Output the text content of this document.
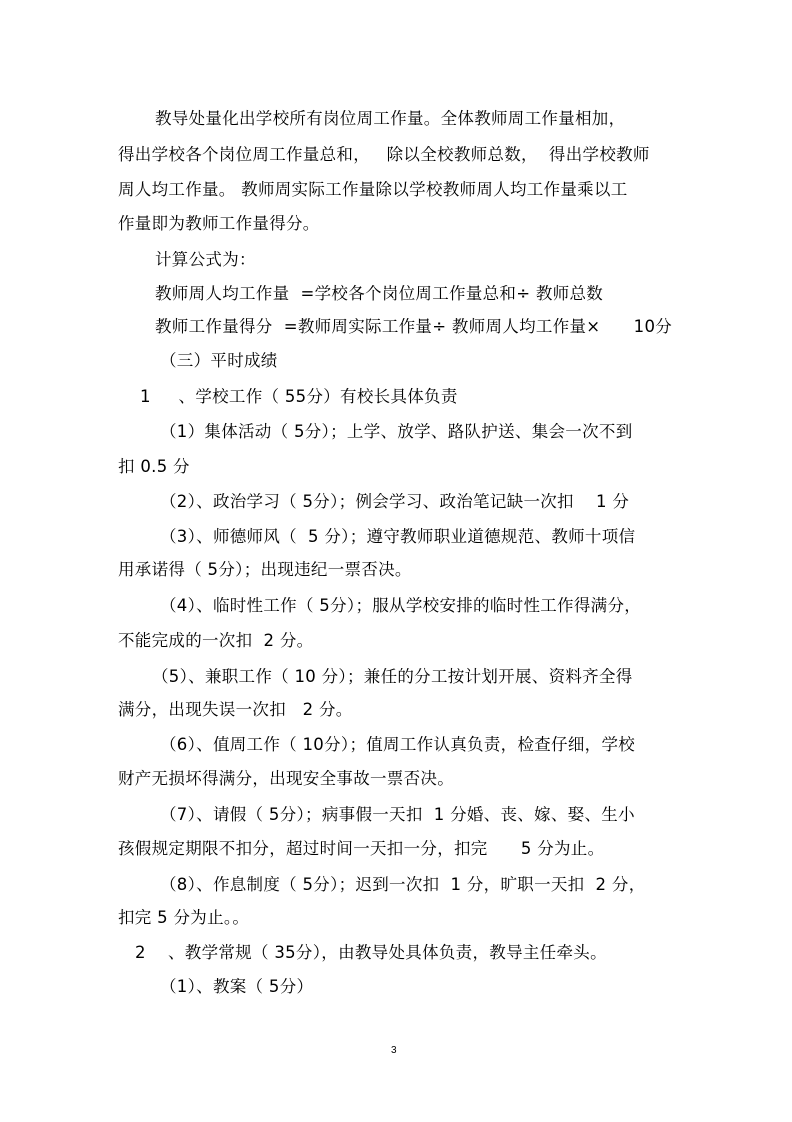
教导处量化出学校所有岗位周工作量。全体教师周工作量相加，
得出学校各个岗位周工作量总和，   除以全校教师总数，  得出学校教师
周人均工作量。 教师周实际工作量除以学校教师周人均工作量乘以工
作量即为教师工作量得分。
计算公式为：
教师周人均工作量  =学校各个岗位周工作量总和÷ 教师总数
教师工作量得分  =教师周实际工作量÷ 教师周人均工作量×      10分
（三）平时成绩
1     、学校工作（ 55分）有校长具体负责
（1）集体活动（ 5分）；上学、放学、路队护送、集会一次不到
扣 0.5 分
（2）、政治学习（ 5分）；例会学习、政治笔记缺一次扣    1 分
（3）、师德师风（  5 分）；遵守教师职业道德规范、教师十项信
用承诺得（ 5分）；出现违纪一票否决。
（4）、临时性工作（ 5分）；服从学校安排的临时性工作得满分，
不能完成的一次扣  2 分。
（5）、兼职工作（ 10 分）；兼任的分工按计划开展、资料齐全得
满分，出现失误一次扣   2 分。
（6）、值周工作（ 10分）；值周工作认真负责，检查仔细，学校
财产无损坏得满分，出现安全事故一票否决。
（7）、请假（ 5分）；病事假一天扣  1 分婚、丧、嫁、娶、生小
孩假规定期限不扣分，超过时间一天扣一分，扣完      5 分为止。
（8）、作息制度（ 5分）；迟到一次扣  1 分，旷职一天扣  2 分，
扣完 5 分为止。。
2    、教学常规（ 35分），由教导处具体负责，教导主任牵头。
（1）、教案（ 5分）
3
